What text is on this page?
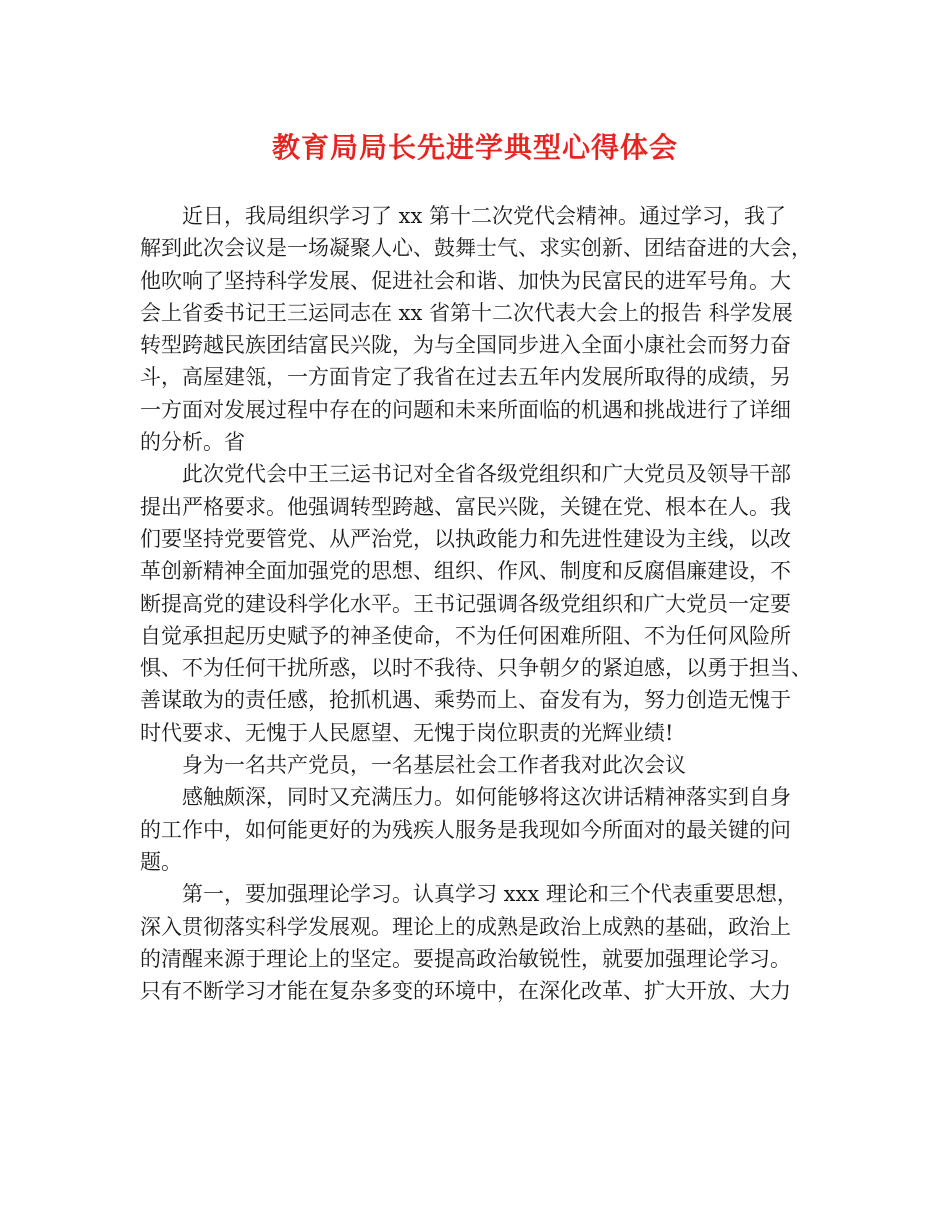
教育局局长先进学典型心得体会
近日，我局组织学习了 xx 第十二次党代会精神。通过学习，我了
解到此次会议是一场凝聚人心、鼓舞士气、求实创新、团结奋进的大会，
他吹响了坚持科学发展、促进社会和谐、加快为民富民的进军号角。大
会上省委书记王三运同志在 xx 省第十二次代表大会上的报告 科学发展
转型跨越民族团结富民兴陇，为与全国同步进入全面小康社会而努力奋
斗，高屋建瓴，一方面肯定了我省在过去五年内发展所取得的成绩，另
一方面对发展过程中存在的问题和未来所面临的机遇和挑战进行了详细
的分析。省
此次党代会中王三运书记对全省各级党组织和广大党员及领导干部
提出严格要求。他强调转型跨越、富民兴陇，关键在党、根本在人。我
们要坚持党要管党、从严治党，以执政能力和先进性建设为主线，以改
革创新精神全面加强党的思想、组织、作风、制度和反腐倡廉建设，不
断提高党的建设科学化水平。王书记强调各级党组织和广大党员一定要
自觉承担起历史赋予的神圣使命，不为任何困难所阻、不为任何风险所
惧、不为任何干扰所惑，以时不我待、只争朝夕的紧迫感，以勇于担当、
善谋敢为的责任感，抢抓机遇、乘势而上、奋发有为，努力创造无愧于
时代要求、无愧于人民愿望、无愧于岗位职责的光辉业绩!
身为一名共产党员，一名基层社会工作者我对此次会议
感触颇深，同时又充满压力。如何能够将这次讲话精神落实到自身
的工作中，如何能更好的为残疾人服务是我现如今所面对的最关键的问
题。
第一，要加强理论学习。认真学习 xxx 理论和三个代表重要思想，
深入贯彻落实科学发展观。理论上的成熟是政治上成熟的基础，政治上
的清醒来源于理论上的坚定。要提高政治敏锐性，就要加强理论学习。
只有不断学习才能在复杂多变的环境中，在深化改革、扩大开放、大力
